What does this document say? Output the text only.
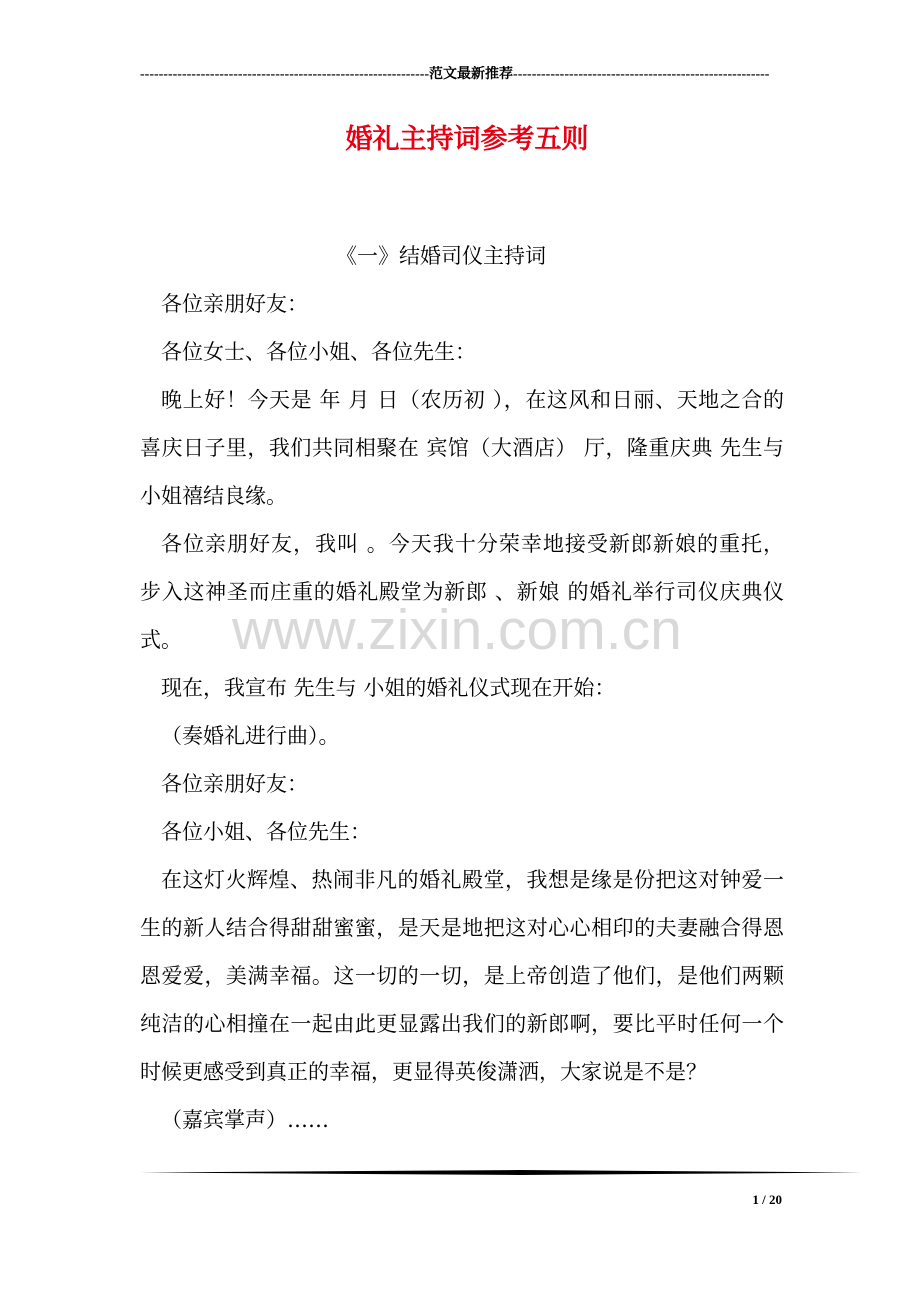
--------------------------------------------------------------范文最新推荐-------------------------------------------------------
婚礼主持词参考五则
www.zixin.com.cn
《一》结婚司仪主持词
各位亲朋好友：
各位女士、各位小姐、各位先生：
晚上好！今天是 年 月 日（农历初 ），在这风和日丽、天地之合的
喜庆日子里，我们共同相聚在 宾馆（大酒店） 厅，隆重庆典 先生与
小姐禧结良缘。
各位亲朋好友，我叫 。今天我十分荣幸地接受新郎新娘的重托，
步入这神圣而庄重的婚礼殿堂为新郎 、新娘 的婚礼举行司仪庆典仪
式。
现在，我宣布 先生与 小姐的婚礼仪式现在开始：
（奏婚礼进行曲）。
各位亲朋好友：
各位小姐、各位先生：
在这灯火辉煌、热闹非凡的婚礼殿堂，我想是缘是份把这对钟爱一
生的新人结合得甜甜蜜蜜，是天是地把这对心心相印的夫妻融合得恩
恩爱爱，美满幸福。这一切的一切，是上帝创造了他们，是他们两颗
纯洁的心相撞在一起由此更显露出我们的新郎啊，要比平时任何一个
时候更感受到真正的幸福，更显得英俊潇洒，大家说是不是？
（嘉宾掌声）……
1 / 20
